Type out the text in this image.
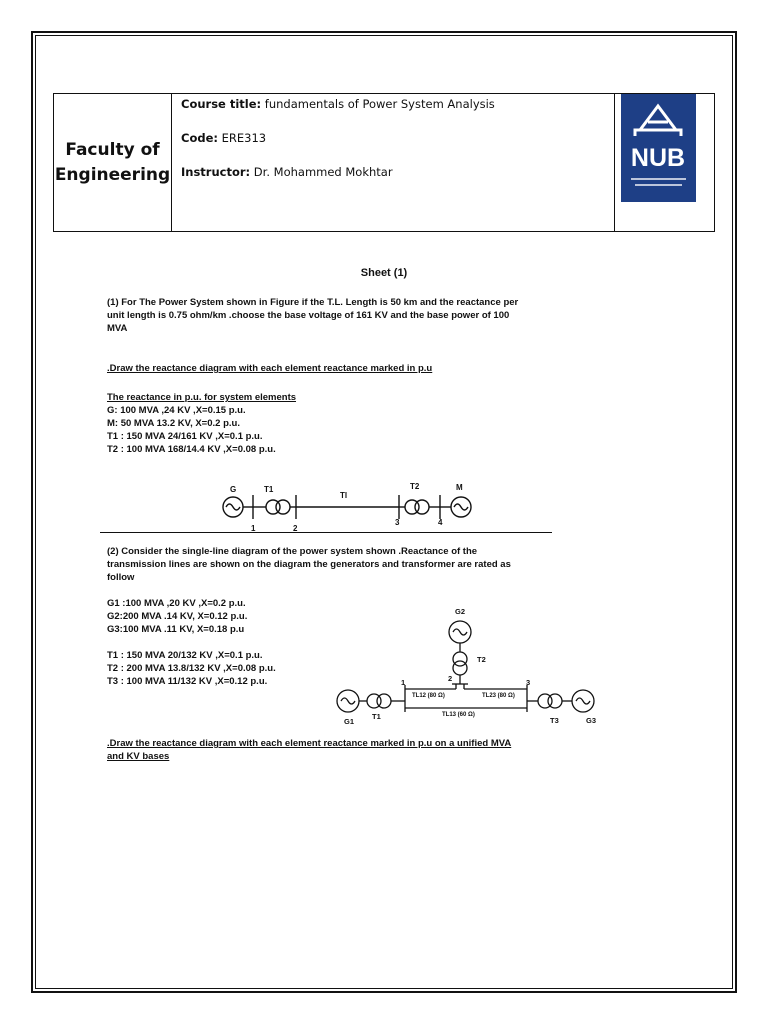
Faculty of
Engineering
Course title: fundamentals of Power System Analysis
Code: ERE313
Instructor: Dr. Mohammed Mokhtar	NUB
Sheet (1)
(1) For The Power System shown in Figure if the T.L. Length is 50 km and the reactance per
unit length is 0.75 ohm/km .choose the base voltage of 161 KV and the base power of 100
MVA
.Draw the reactance diagram with each element reactance marked in p.u
The reactance in p.u. for system elements
G: 100 MVA ,24 KV ,X=0.15 p.u.
M: 50 MVA 13.2 KV, X=0.2 p.u.
T1 : 150 MVA 24/161 KV ,X=0.1 p.u.
T2 : 100 MVA 168/14.4 KV ,X=0.08 p.u.
G	T1
Tl
T2	M
1	2
3	4
(2) Consider the single-line diagram of the power system shown .Reactance of the
transmission lines are shown on the diagram the generators and transformer are rated as
follow
G1 :100 MVA ,20 KV ,X=0.2 p.u.
G2:200 MVA .14 KV, X=0.12 p.u.
G3:100 MVA .11 KV, X=0.18 p.u
T1 : 150 MVA 20/132 KV ,X=0.1 p.u.
T2 : 200 MVA 13.8/132 KV ,X=0.08 p.u.
T3 : 100 MVA 11/132 KV ,X=0.12 p.u.
G2
T2
2
1	3
G1
T1	T3	G3
TL12 (80 Ω)	TL23 (80 Ω)
TL13 (60 Ω)
.Draw the reactance diagram with each element reactance marked in p.u on a unified MVA
and KV bases
